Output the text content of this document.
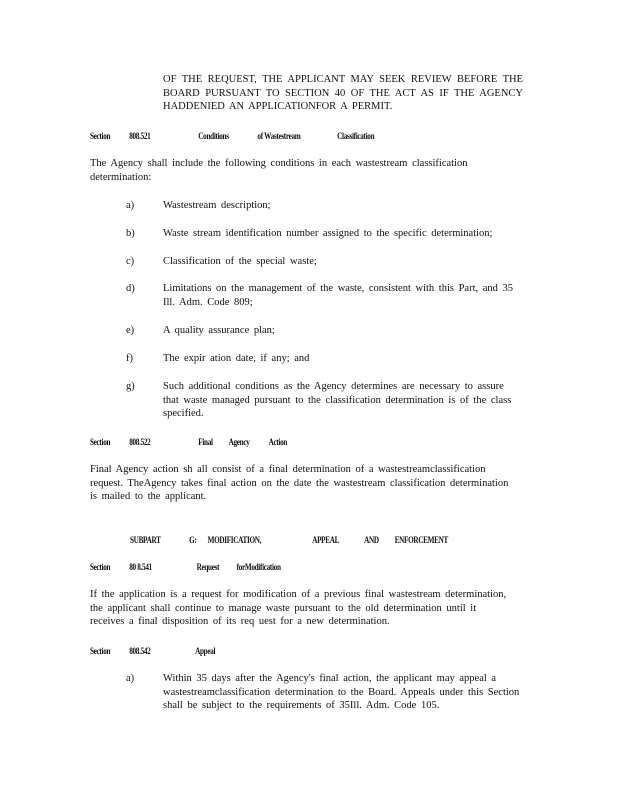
OF THE REQUEST, THE APPLICANT MAY SEEK REVIEW BEFORE THE BOARD PURSUANT TO SECTION 40 OF THE ACT AS IF THE AGENCY HADDENIED AN APPLICATIONFOR A PERMIT.
Section 808.521	Conditions	of Wastestream	Classification
The Agency shall include the following conditions in each wastestream classification determination:
a)	Wastestream description;
b)	Waste stream identification number assigned to the specific determination;
c)	Classification of the special waste;
d)	Limitations on the management of the waste, consistent with this Part, and 35 Ill. Adm. Code 809;
e)	A quality assurance plan;
f)	The expir ation date, if any; and
g)	Such additional conditions as the Agency determines are necessary to assure that waste managed pursuant to the classification determination is of the class specified.
Section 808.522	Final Agency Action
Final Agency action sh all consist of a final determination of a wastestreamclassification request. TheAgency takes final action on the date the wastestream classification determination is mailed to the applicant.
SUBPART	G: MODIFICATION,	APPEAL	AND ENFORCEMENT
Section 80 8.541	Request forModification
If the application is a request for modification of a previous final wastestream determination, the applicant shall continue to manage waste pursuant to the old determination until it receives a final disposition of its req uest for a new determination.
Section 808.542	Appeal
a)	Within 35 days after the Agency's final action, the applicant may appeal a wastestreamclassification determination to the Board. Appeals under this Section shall be subject to the requirements of 35Ill. Adm. Code 105.
